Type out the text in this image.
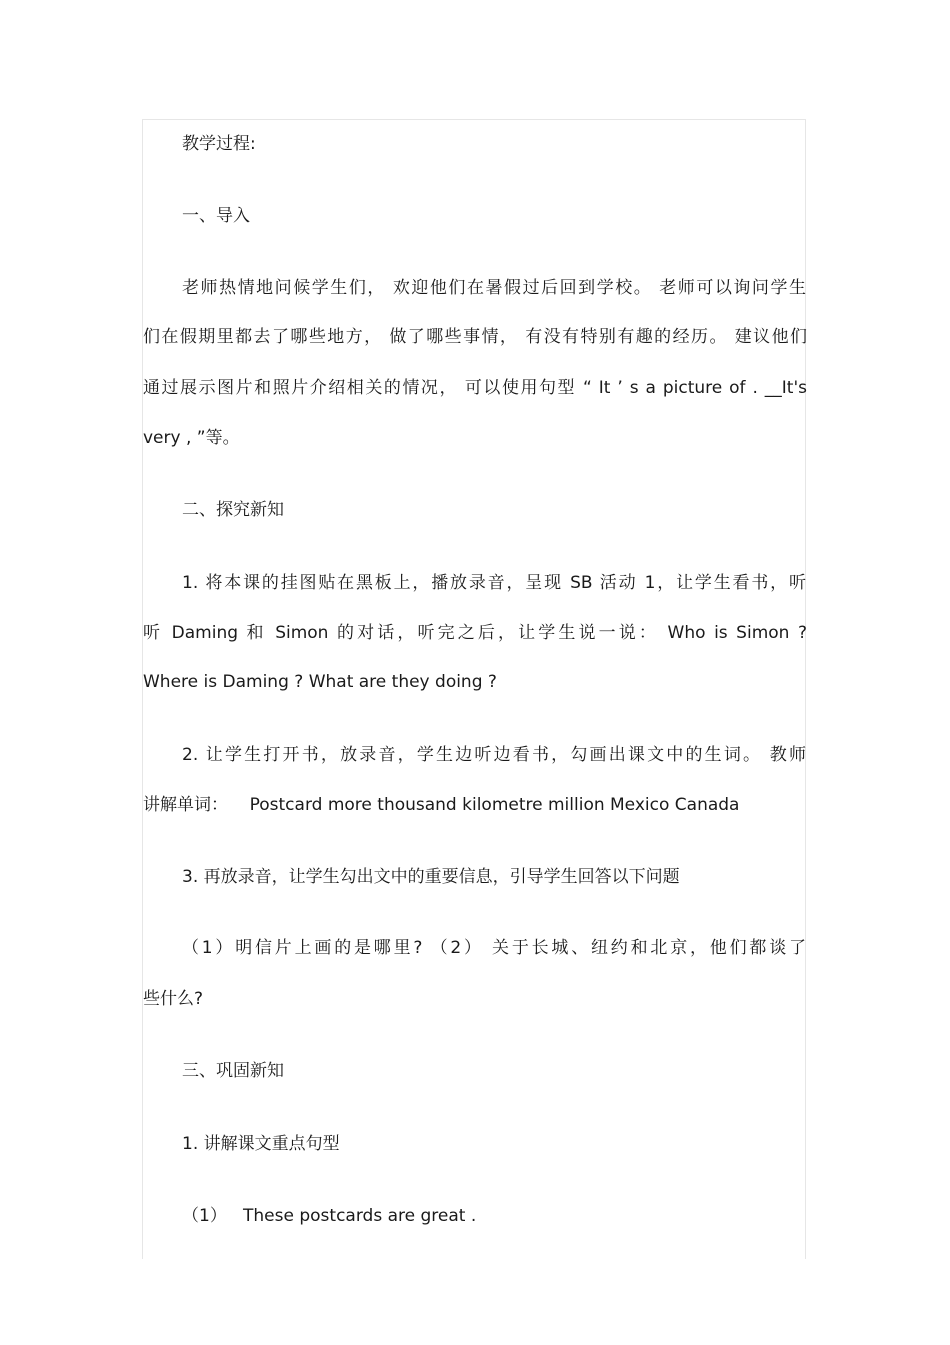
教学过程:
一、导入
老师热情地问候学生们， 欢迎他们在暑假过后回到学校。 老师可以询问学生
们在假期里都去了哪些地方， 做了哪些事情， 有没有特别有趣的经历。 建议他们
通过展示图片和照片介绍相关的情况， 可以使用句型 “ It ’ s a picture of . __It's
very , ”等。
二、探究新知
1. 将本课的挂图贴在黑板上，播放录音，呈现 SB 活动 1，让学生看书，听
听 Daming 和 Simon 的对话，听完之后，让学生说一说： Who is Simon ?
Where is Daming ? What are they doing ?
2. 让学生打开书，放录音，学生边听边看书，勾画出课文中的生词。 教师
讲解单词：    Postcard more thousand kilometre million Mexico Canada
3. 再放录音，让学生勾出文中的重要信息，引导学生回答以下问题
（1）明信片上画的是哪里? （2） 关于长城、纽约和北京，他们都谈了
些什么?
三、巩固新知
1. 讲解课文重点句型
（1）   These postcards are great .
